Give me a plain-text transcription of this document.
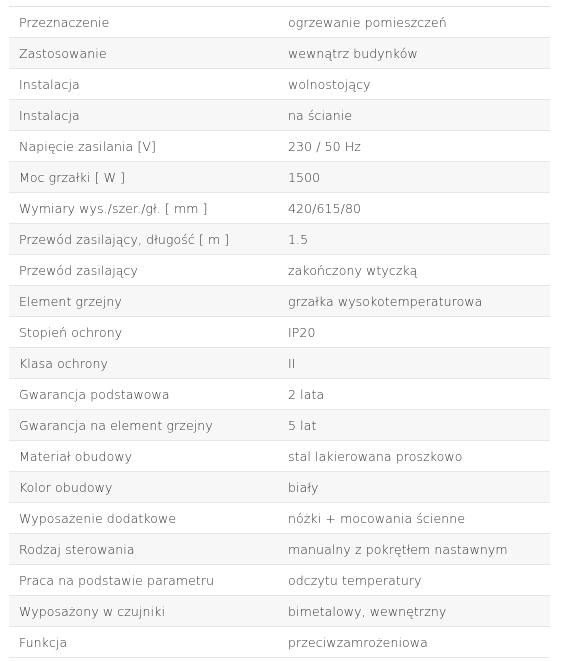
Przeznaczenie	ogrzewanie pomieszczeń
Zastosowanie	wewnątrz budynków
Instalacja	wolnostojący
Instalacja	na ścianie
Napięcie zasilania [V]	230 / 50 Hz
Moc grzałki [ W ]	1500
Wymiary wys./szer./gł. [ mm ]	420/615/80
Przewód zasilający, długość [ m ]	1.5
Przewód zasilający	zakończony wtyczką
Element grzejny	grzałka wysokotemperaturowa
Stopień ochrony	IP20
Klasa ochrony	II
Gwarancja podstawowa	2 lata
Gwarancja na element grzejny	5 lat
Materiał obudowy	stal lakierowana proszkowo
Kolor obudowy	biały
Wyposażenie dodatkowe	nóżki + mocowania ścienne
Rodzaj sterowania	manualny z pokrętłem nastawnym
Praca na podstawie parametru	odczytu temperatury
Wyposażony w czujniki	bimetalowy, wewnętrzny
Funkcja	przeciwzamrożeniowa
